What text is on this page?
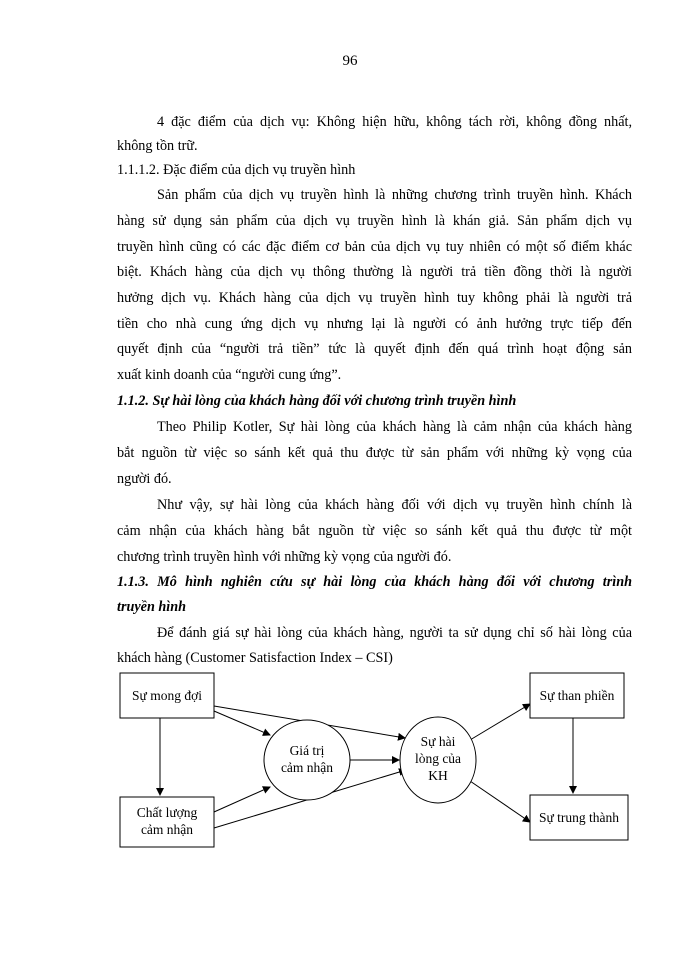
96
4 đặc điểm của dịch vụ: Không hiện hữu, không tách rời, không đồng nhất,
không tồn trữ.
1.1.1.2. Đặc điểm của dịch vụ truyền hình
Sản phẩm của dịch vụ truyền hình là những chương trình truyền hình. Khách
hàng sử dụng sản phẩm của dịch vụ truyền hình là khán giả. Sản phẩm dịch vụ
truyền hình cũng có các đặc điểm cơ bản của dịch vụ tuy nhiên có một số điểm khác
biệt. Khách hàng của dịch vụ thông thường là người trả tiền đồng thời là người
hưởng dịch vụ. Khách hàng của dịch vụ truyền hình tuy không phải là người trả
tiền cho nhà cung ứng dịch vụ nhưng lại là người có ảnh hưởng trực tiếp đến
quyết định của “người trả tiền” tức là quyết định đến quá trình hoạt động sản
xuất kinh doanh của “người cung ứng”.
1.1.2. Sự hài lòng của khách hàng đối với chương trình truyền hình
Theo Philip Kotler, Sự hài lòng của khách hàng là cảm nhận của khách hàng
bắt nguồn từ việc so sánh kết quả thu được từ sản phẩm với những kỳ vọng của
người đó.
Như vậy, sự hài lòng của khách hàng đối với dịch vụ truyền hình chính là
cảm nhận của khách hàng bắt nguồn từ việc so sánh kết quả thu được từ một
chương trình truyền hình với những kỳ vọng của người đó.
1.1.3. Mô hình nghiên cứu sự hài lòng của khách hàng đối với chương trình
truyền hình
Để đánh giá sự hài lòng của khách hàng, người ta sử dụng chỉ số hài lòng của
khách hàng (Customer Satisfaction Index – CSI)
Sự mong đợi
Chất lượng
cảm nhận
Giá trị
cảm nhận
Sự hài
lòng của
KH
Sự than phiền
Sự trung thành
